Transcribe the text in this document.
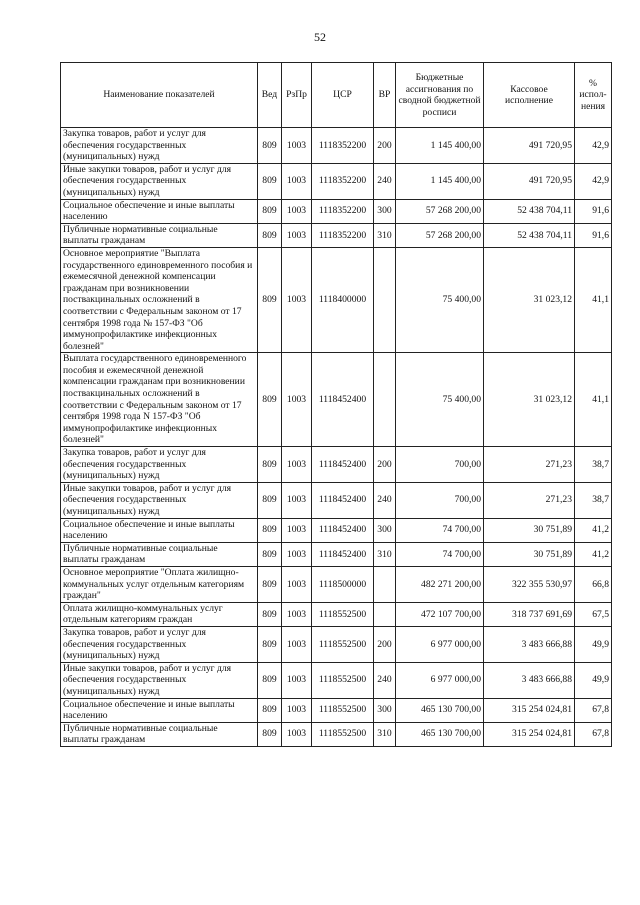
52
Наименование показателей	Вед	РзПр	ЦСР	ВР	Бюджетные ассигнования по сводной бюджетной росписи	Кассовое исполнение	% испол-нения
Закупка товаров, работ и услуг для обеспечения государственных (муниципальных) нужд	809	1003	1118352200	200	1 145 400,00	491 720,95	42,9
Иные закупки товаров, работ и услуг для обеспечения государственных (муниципальных) нужд	809	1003	1118352200	240	1 145 400,00	491 720,95	42,9
Социальное обеспечение и иные выплаты населению	809	1003	1118352200	300	57 268 200,00	52 438 704,11	91,6
Публичные нормативные социальные выплаты гражданам	809	1003	1118352200	310	57 268 200,00	52 438 704,11	91,6
Основное мероприятие "Выплата государственного единовременного пособия и ежемесячной денежной компенсации гражданам при возникновении поствакцинальных осложнений в соответствии с Федеральным законом от 17 сентября 1998 года № 157-ФЗ "Об иммунопрофилактике инфекционных болезней"	809	1003	1118400000		75 400,00	31 023,12	41,1
Выплата государственного единовременного пособия и ежемесячной денежной компенсации гражданам при возникновении поствакцинальных осложнений в соответствии с Федеральным законом от 17 сентября 1998 года N 157-ФЗ "Об иммунопрофилактике инфекционных болезней"	809	1003	1118452400		75 400,00	31 023,12	41,1
Закупка товаров, работ и услуг для обеспечения государственных (муниципальных) нужд	809	1003	1118452400	200	700,00	271,23	38,7
Иные закупки товаров, работ и услуг для обеспечения государственных (муниципальных) нужд	809	1003	1118452400	240	700,00	271,23	38,7
Социальное обеспечение и иные выплаты населению	809	1003	1118452400	300	74 700,00	30 751,89	41,2
Публичные нормативные социальные выплаты гражданам	809	1003	1118452400	310	74 700,00	30 751,89	41,2
Основное мероприятие "Оплата жилищно-коммунальных услуг отдельным категориям граждан"	809	1003	1118500000		482 271 200,00	322 355 530,97	66,8
Оплата жилищно-коммунальных услуг отдельным категориям граждан	809	1003	1118552500		472 107 700,00	318 737 691,69	67,5
Закупка товаров, работ и услуг для обеспечения государственных (муниципальных) нужд	809	1003	1118552500	200	6 977 000,00	3 483 666,88	49,9
Иные закупки товаров, работ и услуг для обеспечения государственных (муниципальных) нужд	809	1003	1118552500	240	6 977 000,00	3 483 666,88	49,9
Социальное обеспечение и иные выплаты населению	809	1003	1118552500	300	465 130 700,00	315 254 024,81	67,8
Публичные нормативные социальные выплаты гражданам	809	1003	1118552500	310	465 130 700,00	315 254 024,81	67,8
